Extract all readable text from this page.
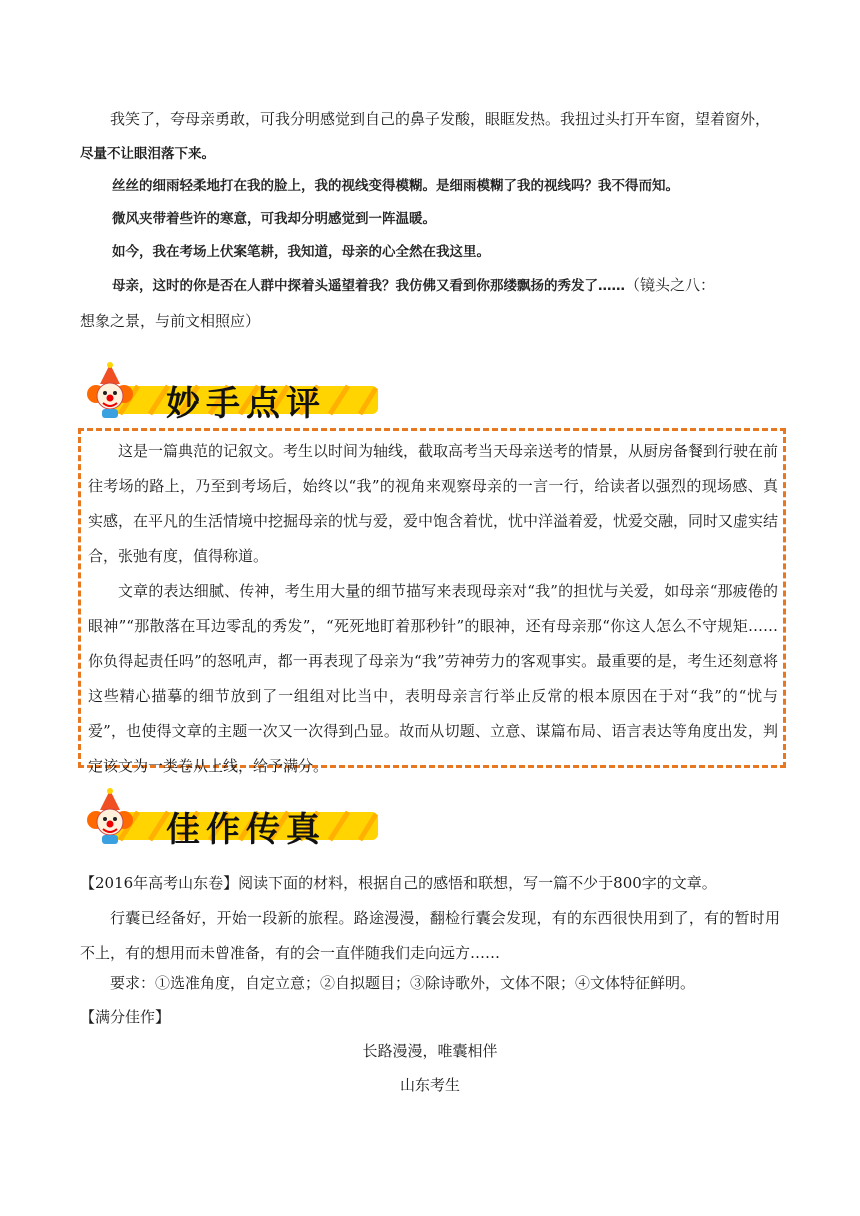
我笑了，夸母亲勇敢，可我分明感觉到自己的鼻子发酸，眼眶发热。我扭过头打开车窗，望着窗外，
尽量不让眼泪落下来。
丝丝的细雨轻柔地打在我的脸上，我的视线变得模糊。是细雨模糊了我的视线吗？我不得而知。
微风夹带着些许的寒意，可我却分明感觉到一阵温暖。
如今，我在考场上伏案笔耕，我知道，母亲的心全然在我这里。
母亲，这时的你是否在人群中探着头遥望着我？我仿佛又看到你那缕飘扬的秀发了……（镜头之八：
想象之景，与前文相照应）
妙手点评

这是一篇典范的记叙文。考生以时间为轴线，截取高考当天母亲送考的情景，从厨房备餐到行驶在前往考场的路上，乃至到考场后，始终以“我”的视角来观察母亲的一言一行，给读者以强烈的现场感、真实感，在平凡的生活情境中挖掘母亲的忧与爱，爱中饱含着忧，忧中洋溢着爱，忧爱交融，同时又虚实结合，张弛有度，值得称道。

文章的表达细腻、传神，考生用大量的细节描写来表现母亲对“我”的担忧与关爱，如母亲“那疲倦的眼神”“那散落在耳边零乱的秀发”，“死死地盯着那秒针”的眼神，还有母亲那“你这人怎么不守规矩……你负得起责任吗”的怒吼声，都一再表现了母亲为“我”劳神劳力的客观事实。最重要的是，考生还刻意将这些精心描摹的细节放到了一组组对比当中，表明母亲言行举止反常的根本原因在于对“我”的“忧与爱”，也使得文章的主题一次又一次得到凸显。故而从切题、立意、谋篇布局、语言表达等角度出发，判定该文为一类卷从上线，给予满分。

佳作传真
【2016年高考山东卷】阅读下面的材料，根据自己的感悟和联想，写一篇不少于800字的文章。
行囊已经备好，开始一段新的旅程。路途漫漫，翻检行囊会发现，有的东西很快用到了，有的暂时用不上，有的想用而未曾准备，有的会一直伴随我们走向远方……
要求：①选准角度，自定立意；②自拟题目；③除诗歌外，文体不限；④文体特征鲜明。
【满分佳作】
长路漫漫，唯囊相伴
山东考生
